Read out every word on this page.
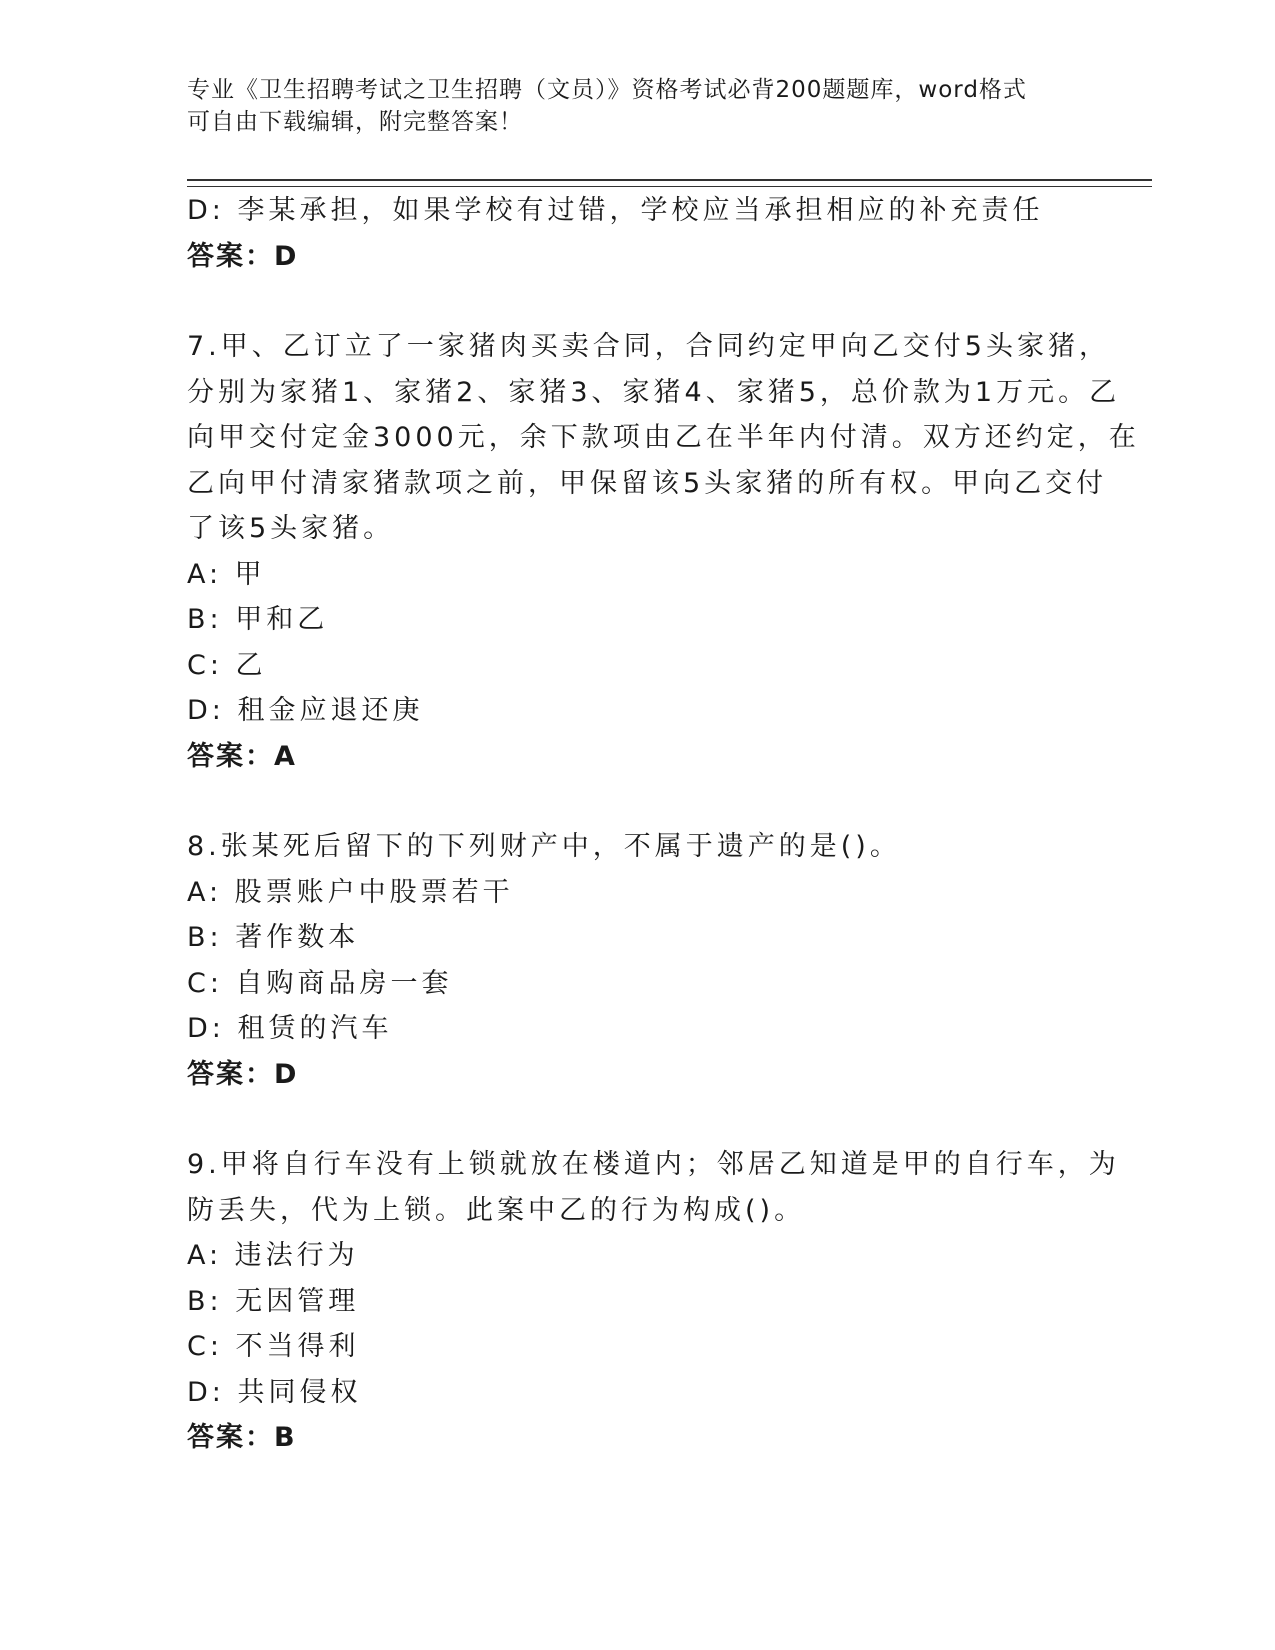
专业《卫生招聘考试之卫生招聘（文员）》资格考试必背200题题库，word格式
可自由下载编辑，附完整答案！
D: 李某承担，如果学校有过错，学校应当承担相应的补充责任
答案：D
7.甲、乙订立了一家猪肉买卖合同，合同约定甲向乙交付5头家猪，
分别为家猪1、家猪2、家猪3、家猪4、家猪5，总价款为1万元。乙
向甲交付定金3000元，余下款项由乙在半年内付清。双方还约定，在
乙向甲付清家猪款项之前，甲保留该5头家猪的所有权。甲向乙交付
了该5头家猪。
A: 甲
B: 甲和乙
C: 乙
D: 租金应退还庚
答案：A
8.张某死后留下的下列财产中，不属于遗产的是()。
A: 股票账户中股票若干
B: 著作数本
C: 自购商品房一套
D: 租赁的汽车
答案：D
9.甲将自行车没有上锁就放在楼道内；邻居乙知道是甲的自行车，为
防丢失，代为上锁。此案中乙的行为构成()。
A: 违法行为
B: 无因管理
C: 不当得利
D: 共同侵权
答案：B
